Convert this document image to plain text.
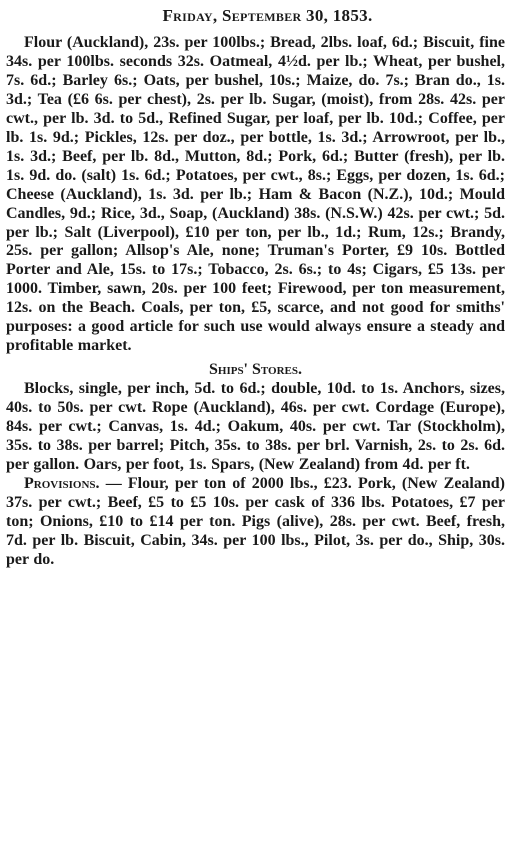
Friday, September 30, 1853.

Flour (Auckland), 23s. per 100lbs.; Bread, 2lbs. loaf, 6d.; Biscuit, fine 34s. per 100lbs. seconds 32s. Oatmeal, 4½d. per lb.; Wheat, per bushel, 7s. 6d.; Barley 6s.; Oats, per bushel, 10s.; Maize, do. 7s.; Bran do., 1s. 3d.; Tea (£6 6s. per chest), 2s. per lb. Sugar, (moist), from 28s. 42s. per cwt., per lb. 3d. to 5d., Refined Sugar, per loaf, per lb. 10d.; Coffee, per lb. 1s. 9d.; Pickles, 12s. per doz., per bottle, 1s. 3d.; Arrowroot, per lb., 1s. 3d.; Beef, per lb. 8d., Mutton, 8d.; Pork, 6d.; Butter (fresh), per lb. 1s. 9d. do. (salt) 1s. 6d.; Potatoes, per cwt., 8s.; Eggs, per dozen, 1s. 6d.; Cheese (Auckland), 1s. 3d. per lb.; Ham & Bacon (N.Z.), 10d.; Mould Candles, 9d.; Rice, 3d., Soap, (Auckland) 38s. (N.S.W.) 42s. per cwt.; 5d. per lb.; Salt (Liverpool), £10 per ton, per lb., 1d.; Rum, 12s.; Brandy, 25s. per gallon; Allsop's Ale, none; Truman's Porter, £9 10s. Bottled Porter and Ale, 15s. to 17s.; Tobacco, 2s. 6s.; to 4s; Cigars, £5 13s. per 1000. Timber, sawn, 20s. per 100 feet; Firewood, per ton measurement, 12s. on the Beach. Coals, per ton, £5, scarce, and not good for smiths' purposes: a good article for such use would always ensure a steady and profitable market.

Ships' Stores.

Blocks, single, per inch, 5d. to 6d.; double, 10d. to 1s. Anchors, sizes, 40s. to 50s. per cwt. Rope (Auckland), 46s. per cwt. Cordage (Europe), 84s. per cwt.; Canvas, 1s. 4d.; Oakum, 40s. per cwt. Tar (Stockholm), 35s. to 38s. per barrel; Pitch, 35s. to 38s. per brl. Varnish, 2s. to 2s. 6d. per gallon. Oars, per foot, 1s. Spars, (New Zealand) from 4d. per ft.

Provisions. — Flour, per ton of 2000 lbs., £23. Pork, (New Zealand) 37s. per cwt.; Beef, £5 to £5 10s. per cask of 336 lbs. Potatoes, £7 per ton; Onions, £10 to £14 per ton. Pigs (alive), 28s. per cwt. Beef, fresh, 7d. per lb. Biscuit, Cabin, 34s. per 100 lbs., Pilot, 3s. per do., Ship, 30s. per do.
